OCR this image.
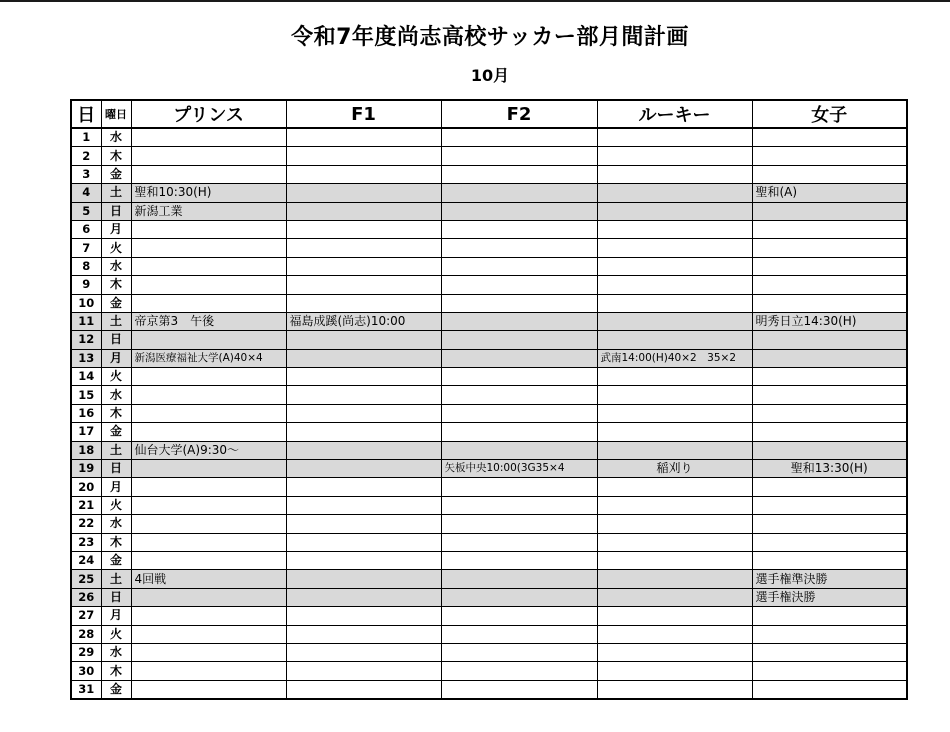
令和7年度尚志高校サッカー部月間計画
10月
日	曜日	プリンス	F1	F2	ルーキー	女子
1	水					
2	木					
3	金					
4	土	聖和10:30(H)				聖和(A)
5	日	新潟工業				
6	月					
7	火					
8	水					
9	木					
10	金					
11	土	帝京第3　午後	福島成蹊(尚志)10:00			明秀日立14:30(H)
12	日					
13	月	新潟医療福祉大学(A)40×4			武南14:00(H)40×2　35×2	
14	火					
15	水					
16	木					
17	金					
18	土	仙台大学(A)9:30～				
19	日			矢板中央10:00(3G35×4	稲刈り	聖和13:30(H)
20	月					
21	火					
22	水					
23	木					
24	金					
25	土	4回戦				選手権準決勝
26	日					選手権決勝
27	月					
28	火					
29	水					
30	木					
31	金					
